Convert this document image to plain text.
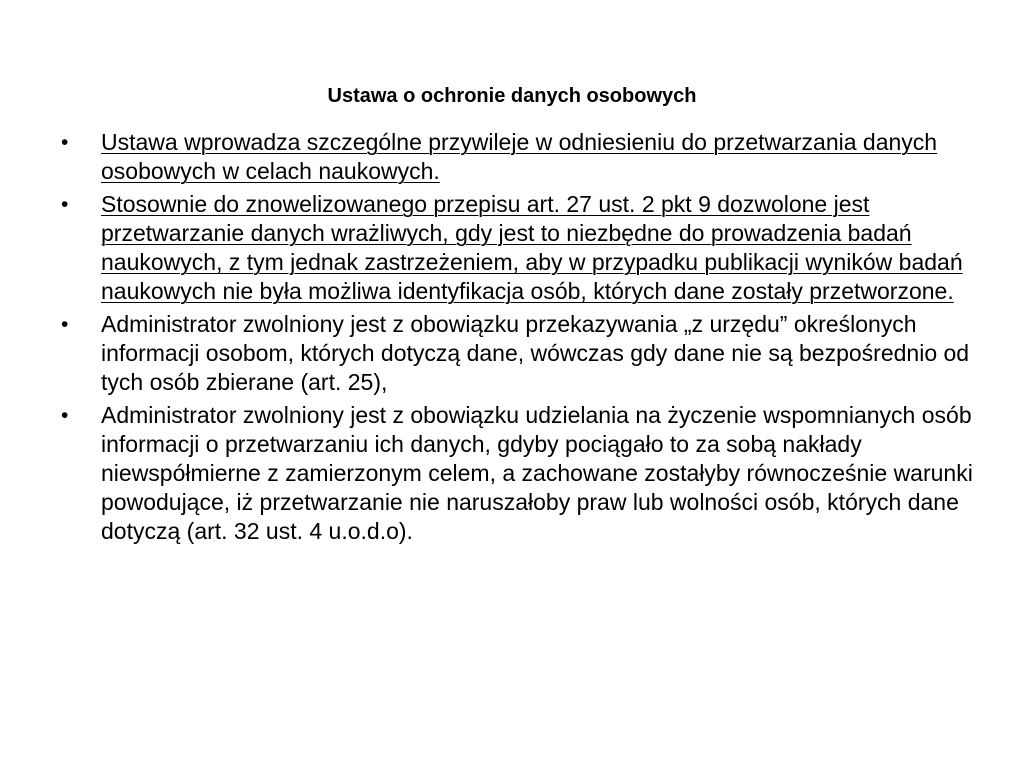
Ustawa o ochronie danych osobowych
•	Ustawa wprowadza szczególne przywileje w odniesieniu do przetwarzania danych osobowych w celach naukowych.
•	Stosownie do znowelizowanego przepisu art. 27 ust. 2 pkt 9 dozwolone jest przetwarzanie danych wrażliwych, gdy jest to niezbędne do prowadzenia badań naukowych, z tym jednak zastrzeżeniem, aby w przypadku publikacji wyników badań naukowych nie była możliwa identyfikacja osób, których dane zostały przetworzone.
•	Administrator zwolniony jest z obowiązku przekazywania „z urzędu” określonych informacji osobom, których dotyczą dane, wówczas gdy dane nie są bezpośrednio od tych osób zbierane (art. 25),
•	Administrator zwolniony jest z obowiązku udzielania na życzenie wspomnianych osób informacji o przetwarzaniu ich danych, gdyby pociągało to za sobą nakłady niewspółmierne z zamierzonym celem, a zachowane zostałyby równocześnie warunki powodujące, iż przetwarzanie nie naruszałoby praw lub wolności osób, których dane dotyczą (art. 32 ust. 4 u.o.d.o).
